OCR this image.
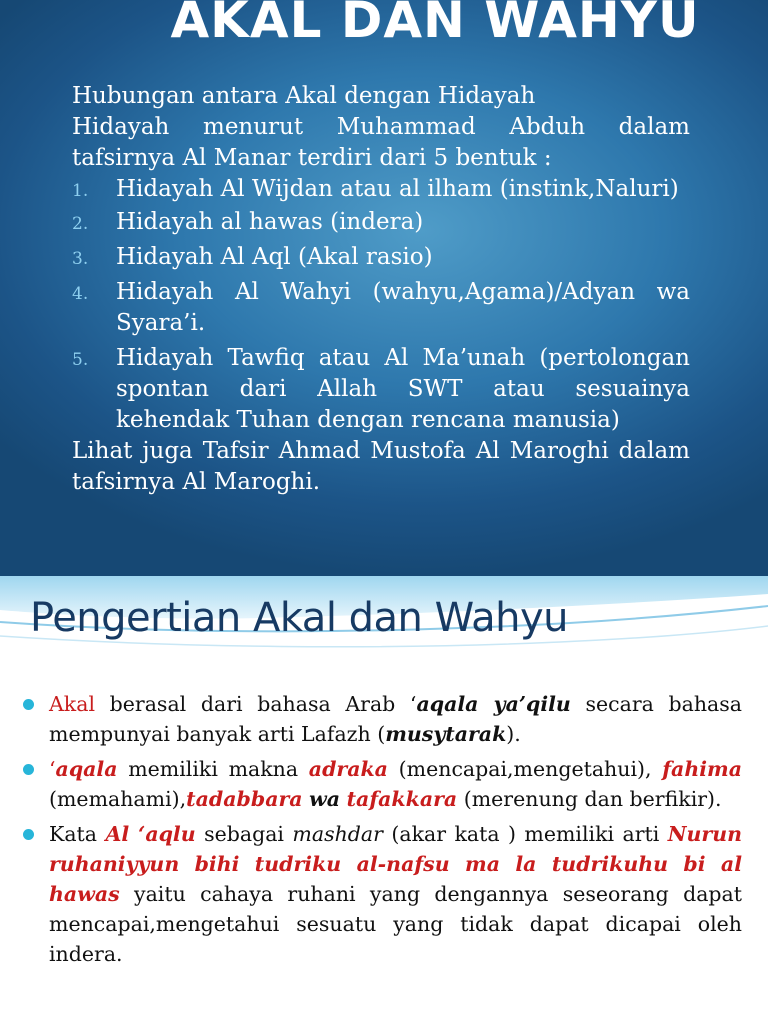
AKAL DAN WAHYU

Hubungan antara Akal dengan Hidayah

Hidayah menurut Muhammad Abduh dalam tafsirnya Al Manar terdiri dari 5 bentuk :

1. Hidayah Al Wijdan atau al ilham (instink,Naluri)
2. Hidayah al hawas (indera)
3. Hidayah Al Aql (Akal rasio)
4. Hidayah Al Wahyi (wahyu,Agama)/Adyan wa Syara’i.
5. Hidayah Tawfiq atau Al Ma’unah (pertolongan spontan dari Allah SWT atau sesuainya kehendak Tuhan dengan rencana manusia)

Lihat juga Tafsir Ahmad Mustofa Al Maroghi dalam tafsirnya Al Maroghi.

Pengertian Akal dan Wahyu
Akal berasal dari bahasa Arab ‘aqala ya’qilu secara bahasa mempunyai banyak arti Lafazh (musytarak).
‘aqala memiliki makna adraka (mencapai,mengetahui), fahima (memahami),tadabbara wa tafakkara (merenung dan berfikir).
Kata Al ‘aqlu sebagai mashdar (akar kata ) memiliki arti Nurun ruhaniyyun bihi tudriku al-nafsu ma la tudrikuhu bi al hawas yaitu cahaya ruhani yang dengannya seseorang dapat mencapai,mengetahui sesuatu yang tidak dapat dicapai oleh indera.
